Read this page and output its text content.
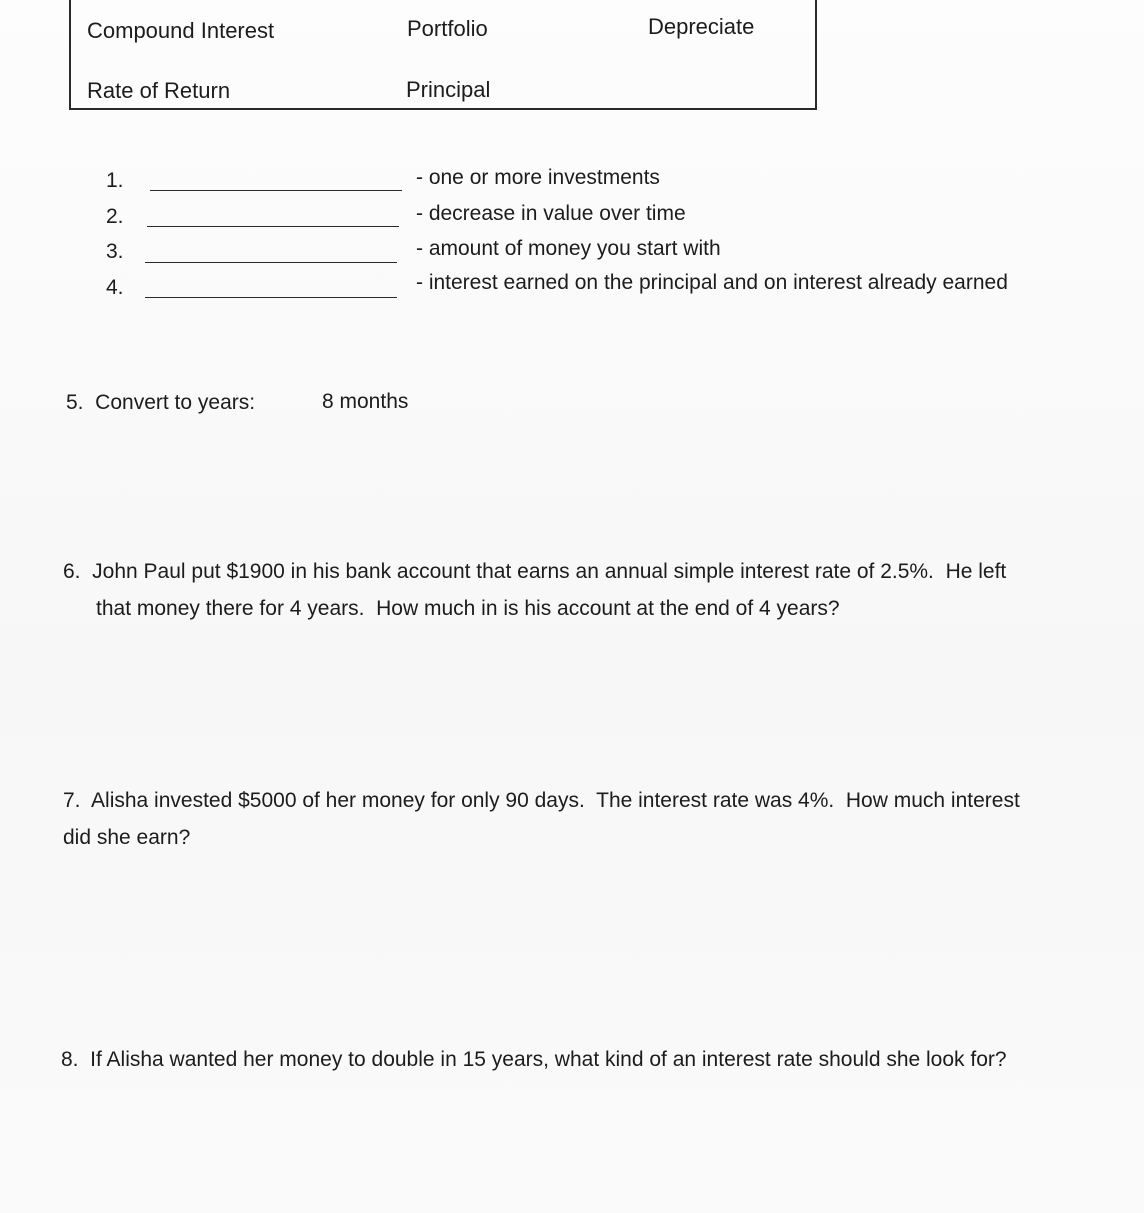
Compound Interest	Portfolio	Depreciate
Rate of Return	Principal
1.	- one or more investments
2.	- decrease in value over time
3.	- amount of money you start with
4.	- interest earned on the principal and on interest already earned
5.  Convert to years:	8 months
6.  John Paul put $1900 in his bank account that earns an annual simple interest rate of 2.5%.  He left
that money there for 4 years.  How much in is his account at the end of 4 years?
7.  Alisha invested $5000 of her money for only 90 days.  The interest rate was 4%.  How much interest
did she earn?
8.  If Alisha wanted her money to double in 15 years, what kind of an interest rate should she look for?
